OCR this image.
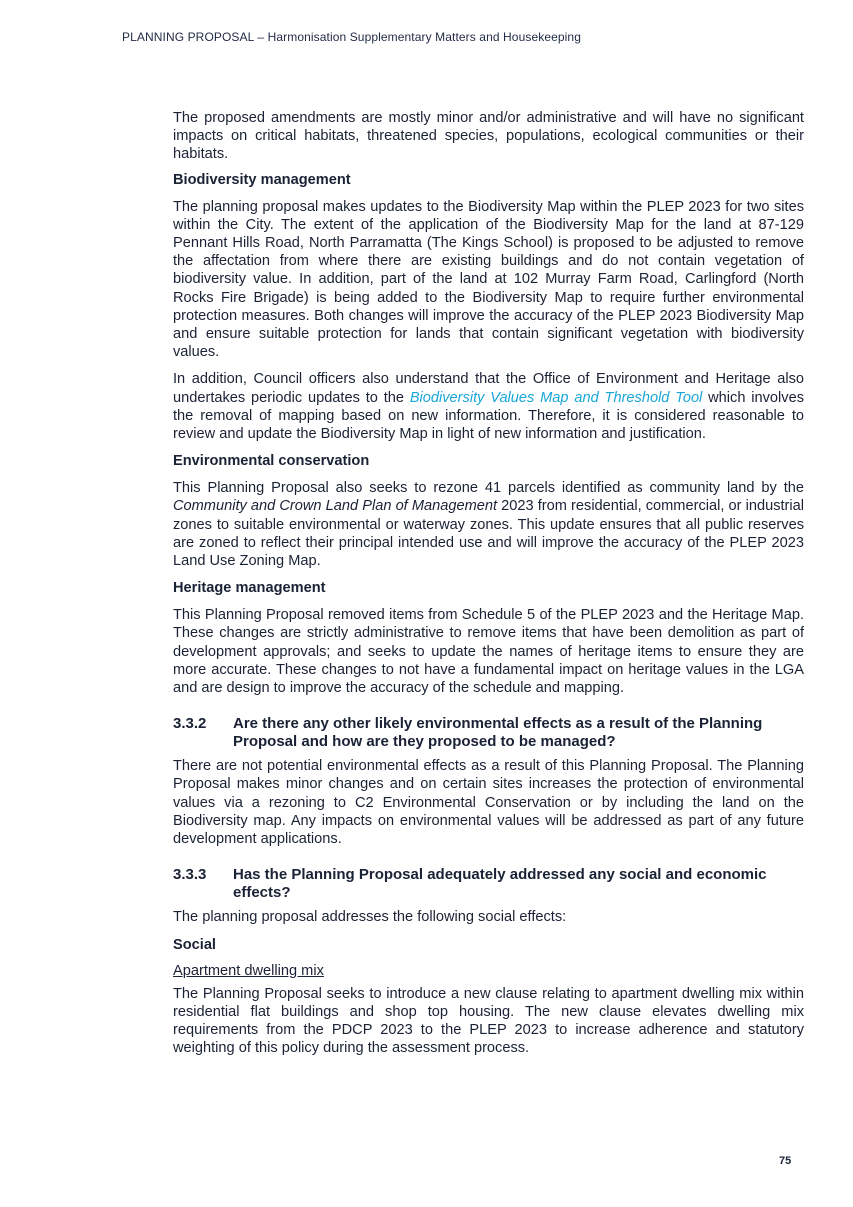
PLANNING PROPOSAL – Harmonisation Supplementary Matters and Housekeeping

The proposed amendments are mostly minor and/or administrative and will have no significant impacts on critical habitats, threatened species, populations, ecological communities or their habitats.

Biodiversity management

The planning proposal makes updates to the Biodiversity Map within the PLEP 2023 for two sites within the City. The extent of the application of the Biodiversity Map for the land at 87-129 Pennant Hills Road, North Parramatta (The Kings School) is proposed to be adjusted to remove the affectation from where there are existing buildings and do not contain vegetation of biodiversity value. In addition, part of the land at 102 Murray Farm Road, Carlingford (North Rocks Fire Brigade) is being added to the Biodiversity Map to require further environmental protection measures. Both changes will improve the accuracy of the PLEP 2023 Biodiversity Map and ensure suitable protection for lands that contain significant vegetation with biodiversity values.

In addition, Council officers also understand that the Office of Environment and Heritage also undertakes periodic updates to the Biodiversity Values Map and Threshold Tool which involves the removal of mapping based on new information. Therefore, it is considered reasonable to review and update the Biodiversity Map in light of new information and justification.

Environmental conservation

This Planning Proposal also seeks to rezone 41 parcels identified as community land by the Community and Crown Land Plan of Management 2023 from residential, commercial, or industrial zones to suitable environmental or waterway zones. This update ensures that all public reserves are zoned to reflect their principal intended use and will improve the accuracy of the PLEP 2023 Land Use Zoning Map.

Heritage management

This Planning Proposal removed items from Schedule 5 of the PLEP 2023 and the Heritage Map. These changes are strictly administrative to remove items that have been demolition as part of development approvals; and seeks to update the names of heritage items to ensure they are more accurate. These changes to not have a fundamental impact on heritage values in the LGA and are design to improve the accuracy of the schedule and mapping.

3.3.2	Are there any other likely environmental effects as a result of the Planning Proposal and how are they proposed to be managed?

There are not potential environmental effects as a result of this Planning Proposal. The Planning Proposal makes minor changes and on certain sites increases the protection of environmental values via a rezoning to C2 Environmental Conservation or by including the land on the Biodiversity map. Any impacts on environmental values will be addressed as part of any future development applications.

3.3.3	Has the Planning Proposal adequately addressed any social and economic effects?

The planning proposal addresses the following social effects:

Social
Apartment dwelling mix

The Planning Proposal seeks to introduce a new clause relating to apartment dwelling mix within residential flat buildings and shop top housing. The new clause elevates dwelling mix requirements from the PDCP 2023 to the PLEP 2023 to increase adherence and statutory weighting of this policy during the assessment process.

75
